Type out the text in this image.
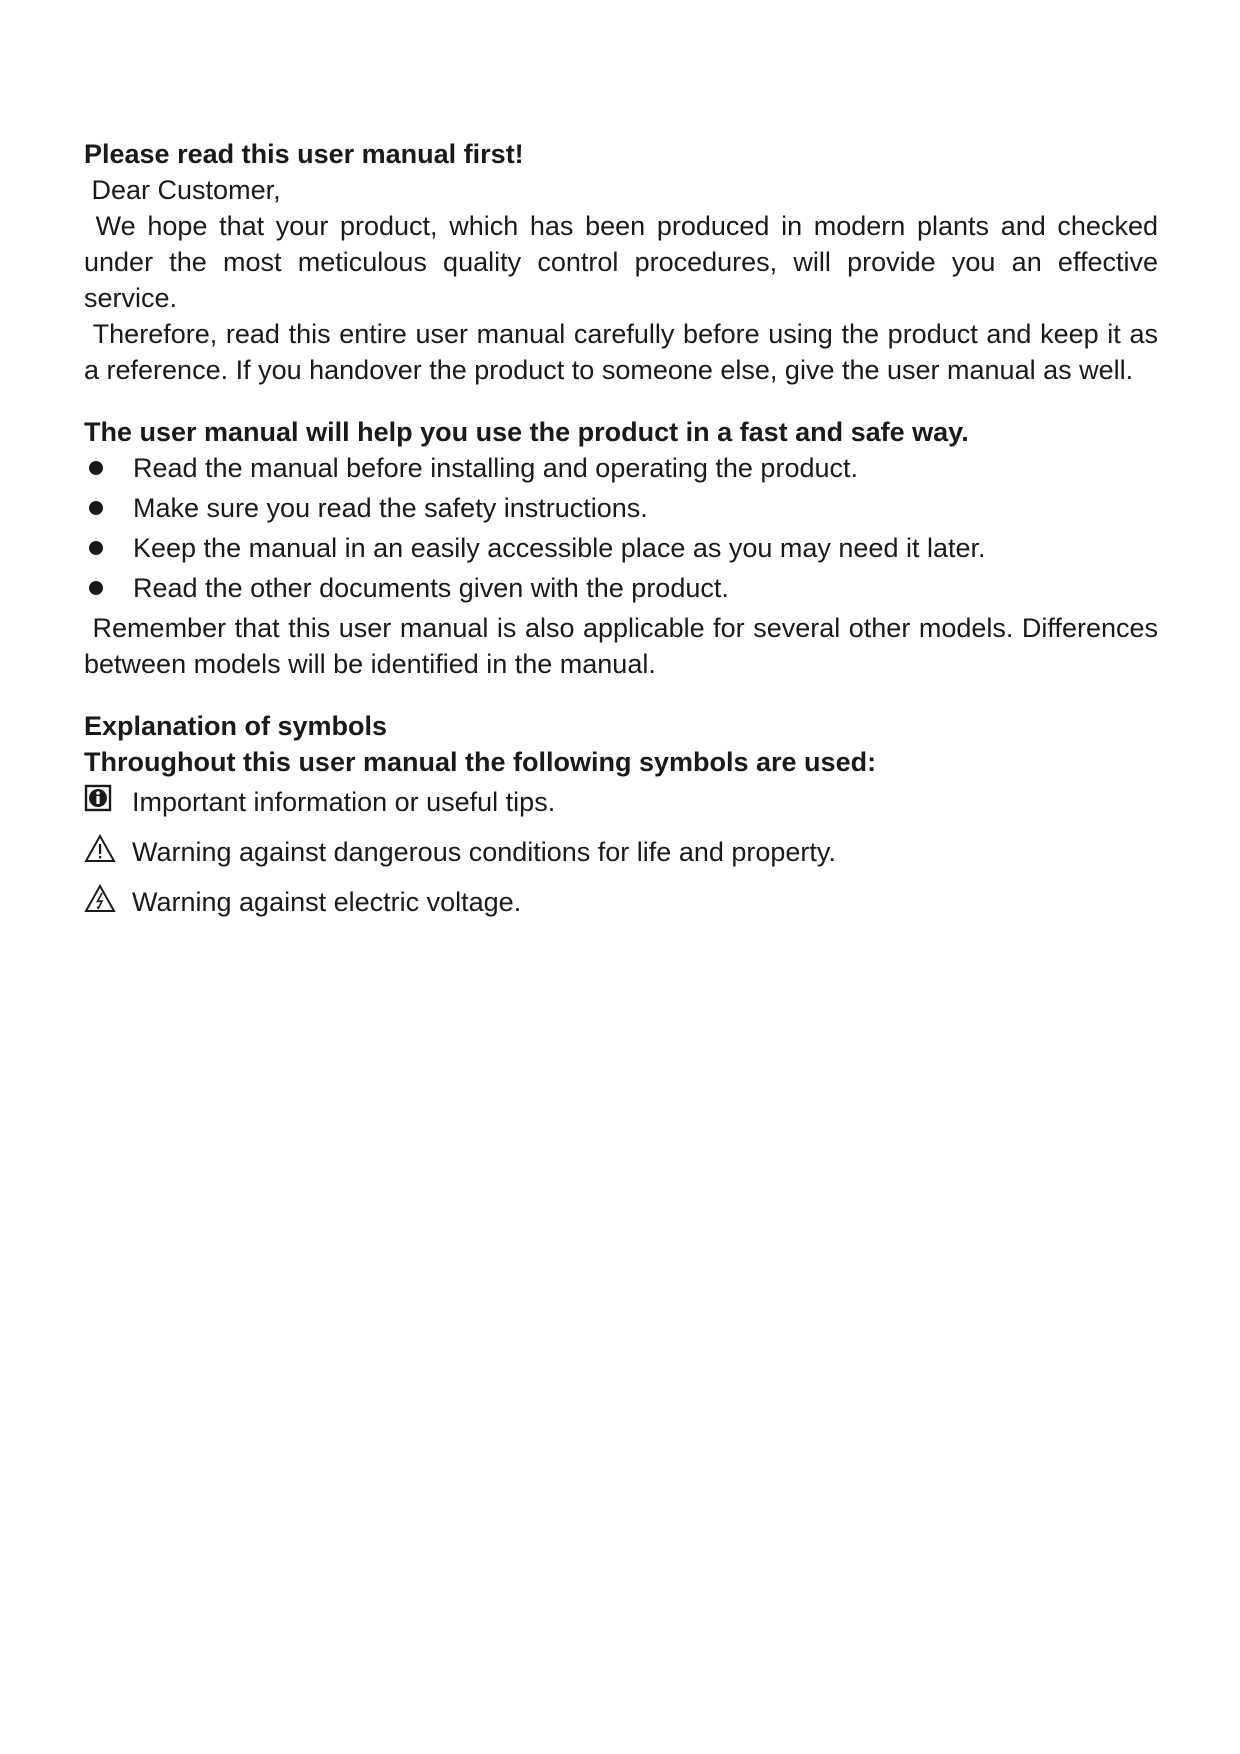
Please read this user manual first!

Dear Customer,

We hope that your product, which has been produced in modern plants and checked under the most meticulous quality control procedures, will provide you an effective service.

Therefore, read this entire user manual carefully before using the product and keep it as a reference. If you handover the product to someone else, give the user manual as well.

The user manual will help you use the product in a fast and safe way.

Read the manual before installing and operating the product.
Make sure you read the safety instructions.
Keep the manual in an easily accessible place as you may need it later.
Read the other documents given with the product.

Remember that this user manual is also applicable for several other models. Differences between models will be identified in the manual.

Explanation of symbols

Throughout this user manual the following symbols are used:

Important information or useful tips.
Warning against dangerous conditions for life and property.
Warning against electric voltage.
